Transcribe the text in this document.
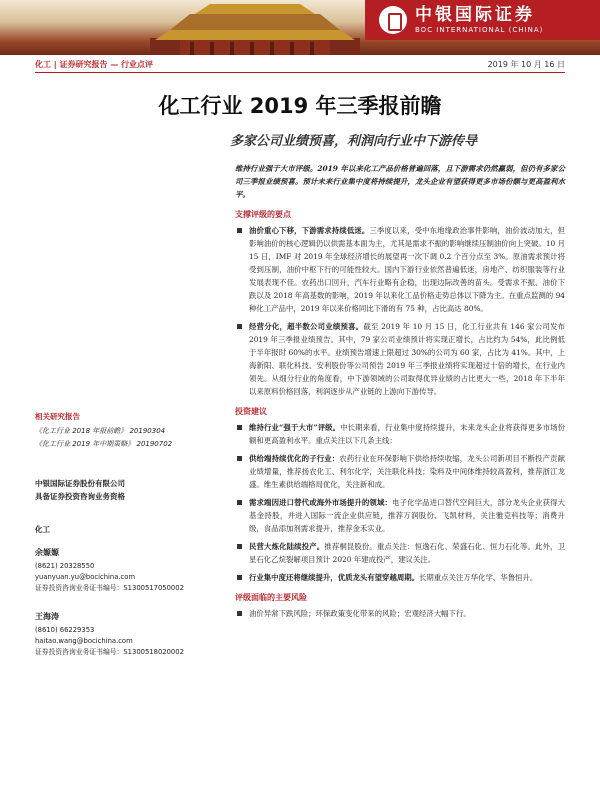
中银国际证券
BOC INTERNATIONAL (CHINA)
化工 | 证券研究报告 — 行业点评	2019 年 10 月 16 日
化工行业 2019 年三季报前瞻
多家公司业绩预喜，利润向行业中下游传导

维持行业强于大市评级。2019 年以来化工产品价格普遍回落，且下游需求仍然羸弱，但仍有多家公司三季报业绩预喜。预计未来行业集中度将持续提升，龙头企业有望获得更多市场份额与更高盈利水平。

支撑评级的要点

油价重心下移，下游需求持续低迷。三季度以来，受中东地缘政治事件影响，油价波动加大，但影响油价的核心逻辑仍以供需基本面为主，尤其是需求不振的影响继续压制油价向上突破。10 月 15 日，IMF 对 2019 年全球经济增长的展望再一次下调 0.2 个百分点至 3%。原油需求预计将受到压制，油价中枢下行的可能性较大。国内下游行业依然普遍低迷，房地产、纺织服装等行业发展表现不佳。农药出口回升，汽车行业略有企稳，出现边际改善的苗头。受需求不振、油价下跌以及 2018 年高基数的影响，2019 年以来化工品价格走势总体以下降为主。在重点监测的 94 种化工产品中，2019 年以来价格同比下滑的有 75 种，占比高达 80%。

经营分化，超半数公司业绩预喜。截至 2019 年 10 月 15 日，化工行业共有 146 家公司发布 2019 年三季报业绩预告。其中，79 家公司业绩预计将实现正增长，占比约为 54%，此比例低于半年报时 60%的水平。业绩预告增速上限超过 30%的公司为 60 家，占比为 41%。其中，上海新阳、联化科技、安利股份等公司预告 2019 年三季报业绩将实现超过十倍的增长，在行业内领先。从细分行业的角度看，中下游领域的公司取得优异业绩的占比更大一些，2018 年下半年以来原料价格回落，利润逐步从产业链的上游向下游传导。

投资建议

维持行业“强于大市”评级。中长期来看，行业集中度持续提升，未来龙头企业将获得更多市场份额和更高盈利水平。重点关注以下几条主线：

供给端持续优化的子行业：农药行业在环保影响下供给持续收缩，龙头公司新项目不断投产贡献业绩增量，推荐扬农化工、利尔化学，关注联化科技；染料及中间体维持较高盈利，推荐浙江龙盛。维生素供给端格局优化，关注新和成。

需求端因进口替代或海外市场提升的领域：电子化学品进口替代空间巨大，部分龙头企业获得大基金持股，并进入国际一流企业供应链，推荐万润股份、飞凯材料，关注雅克科技等；消费升级，食品添加剂需求提升，推荐金禾实业。

民营大炼化陆续投产。推荐桐昆股份。重点关注：恒逸石化、荣盛石化、恒力石化等。此外，卫星石化乙烷裂解项目预计 2020 年建成投产，建议关注。

行业集中度还将继续提升，优质龙头有望穿越周期。长期重点关注万华化学、华鲁恒升。

评级面临的主要风险

油价异常下跌风险；环保政策变化带来的风险；宏观经济大幅下行。

相关研究报告
《化工行业 2018 年报前瞻》 20190304
《化工行业 2019 年中期策略》 20190702
中银国际证券股份有限公司
具备证券投资咨询业务资格
化工
余嫄嫄
(8621) 20328550
yuanyuan.yu@bocichina.com
证券投资咨询业务证书编号：S1300517050002
王海涛
(8610) 66229353
haitao.wang@bocichina.com
证券投资咨询业务证书编号：S1300518020002
